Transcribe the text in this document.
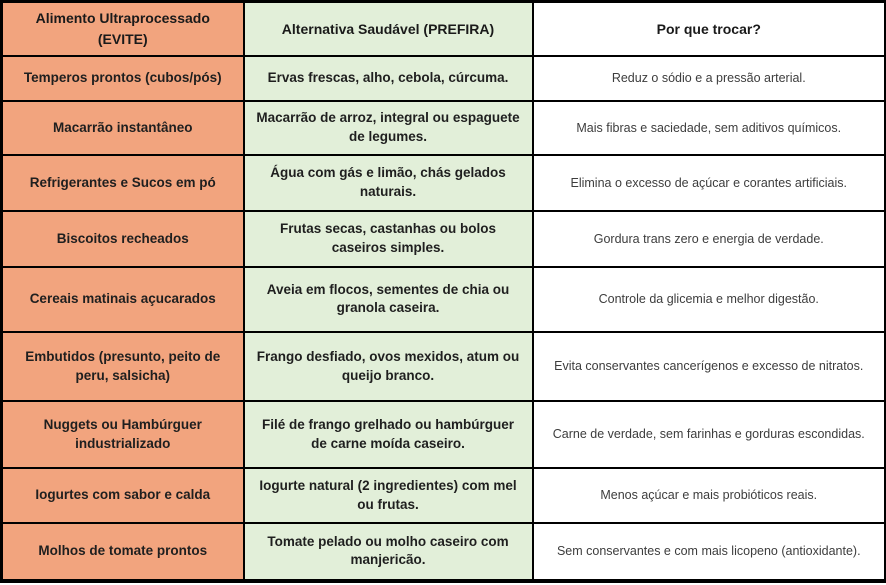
Alimento Ultraprocessado (EVITE)	Alternativa Saudável (PREFIRA)	Por que trocar?
Temperos prontos (cubos/pós)	Ervas frescas, alho, cebola, cúrcuma.	Reduz o sódio e a pressão arterial.
Macarrão instantâneo	Macarrão de arroz, integral ou espaguete de legumes.	Mais fibras e saciedade, sem aditivos químicos.
Refrigerantes e Sucos em pó	Água com gás e limão, chás gelados naturais.	Elimina o excesso de açúcar e corantes artificiais.
Biscoitos recheados	Frutas secas, castanhas ou bolos caseiros simples.	Gordura trans zero e energia de verdade.
Cereais matinais açucarados	Aveia em flocos, sementes de chia ou granola caseira.	Controle da glicemia e melhor digestão.
Embutidos (presunto, peito de peru, salsicha)	Frango desfiado, ovos mexidos, atum ou queijo branco.	Evita conservantes cancerígenos e excesso de nitratos.
Nuggets ou Hambúrguer industrializado	Filé de frango grelhado ou hambúrguer de carne moída caseiro.	Carne de verdade, sem farinhas e gorduras escondidas.
Iogurtes com sabor e calda	Iogurte natural (2 ingredientes) com mel ou frutas.	Menos açúcar e mais probióticos reais.
Molhos de tomate prontos	Tomate pelado ou molho caseiro com manjericão.	Sem conservantes e com mais licopeno (antioxidante).
